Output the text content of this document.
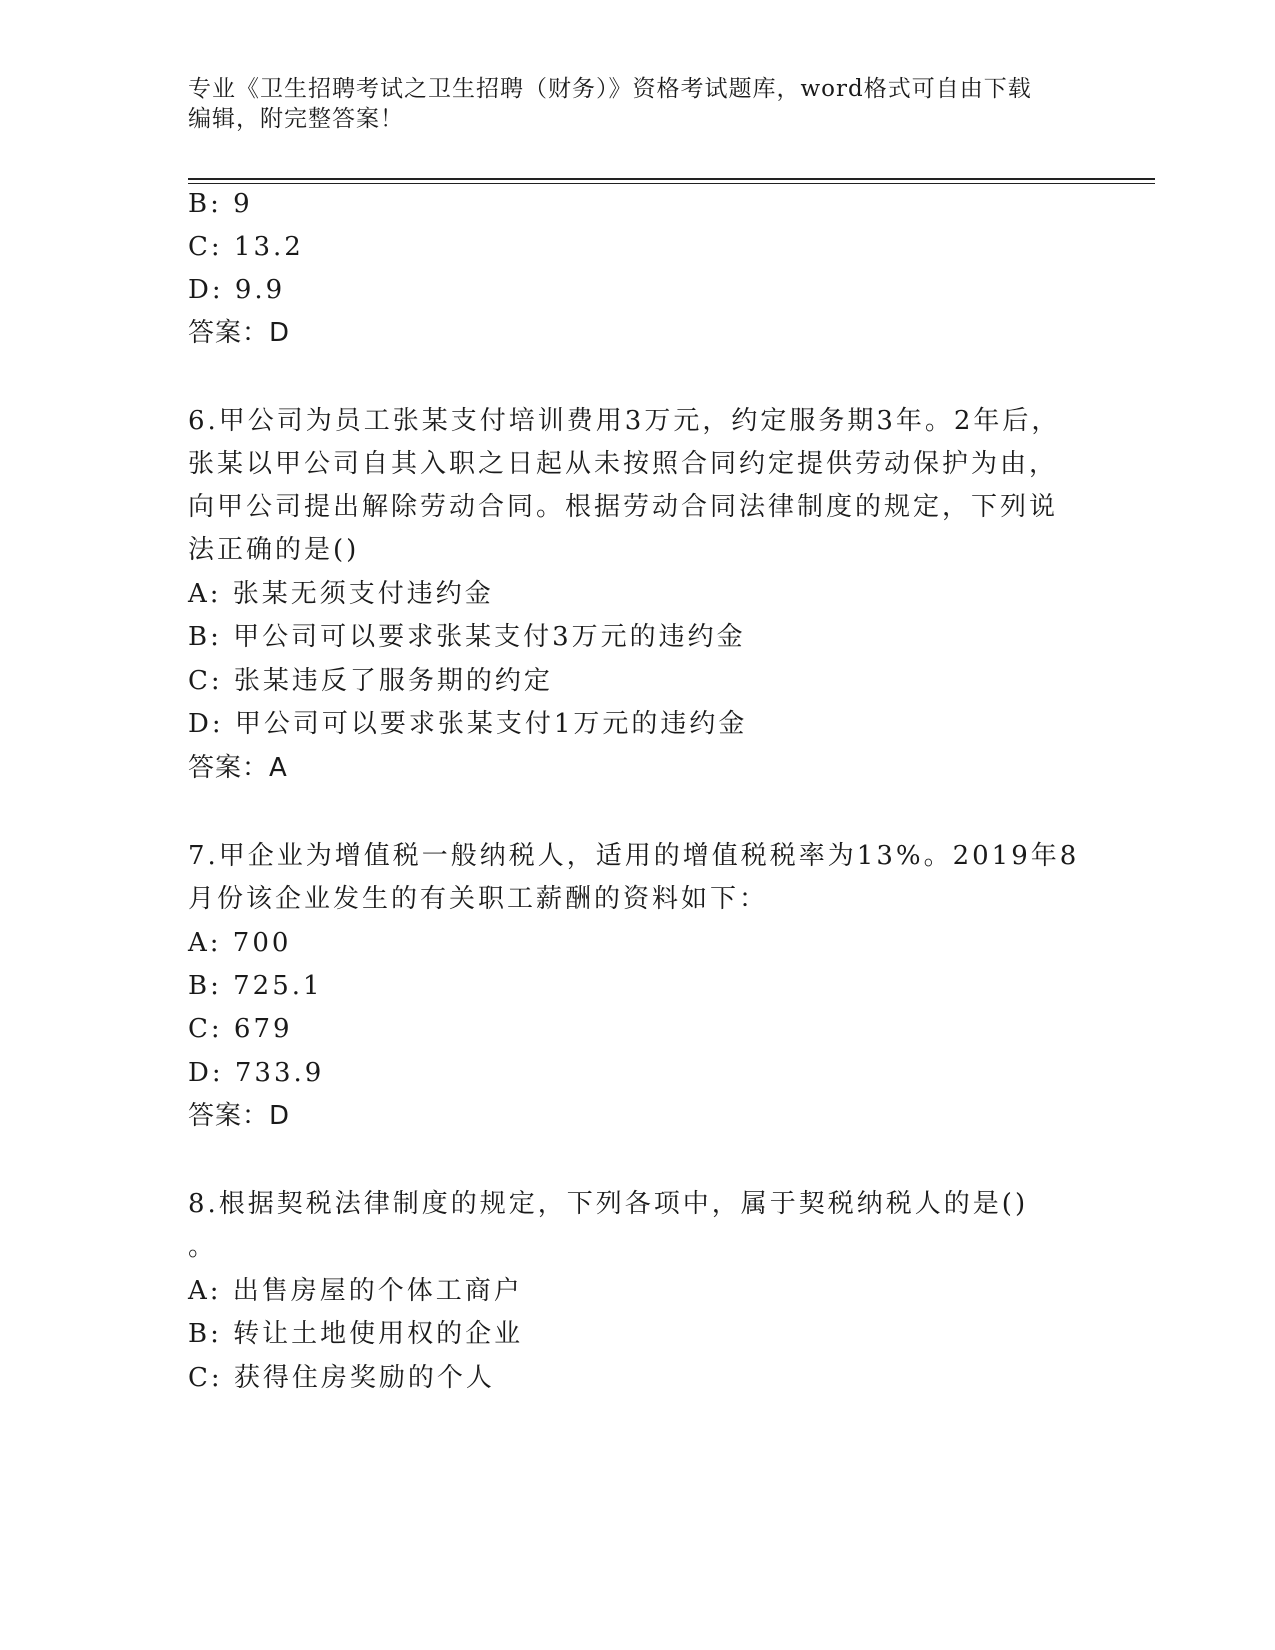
专业《卫生招聘考试之卫生招聘（财务）》资格考试题库，word格式可自由下载
编辑，附完整答案！
B: 9
C: 13.2
D: 9.9
答案：D
6.甲公司为员工张某支付培训费用3万元，约定服务期3年。2年后，
张某以甲公司自其入职之日起从未按照合同约定提供劳动保护为由，
向甲公司提出解除劳动合同。根据劳动合同法律制度的规定，下列说
法正确的是()
A: 张某无须支付违约金
B: 甲公司可以要求张某支付3万元的违约金
C: 张某违反了服务期的约定
D: 甲公司可以要求张某支付1万元的违约金
答案：A
7.甲企业为增值税一般纳税人，适用的增值税税率为13%。2019年8
月份该企业发生的有关职工薪酬的资料如下：
A: 700
B: 725.1
C: 679
D: 733.9
答案：D
8.根据契税法律制度的规定，下列各项中，属于契税纳税人的是()
。
A: 出售房屋的个体工商户
B: 转让土地使用权的企业
C: 获得住房奖励的个人
